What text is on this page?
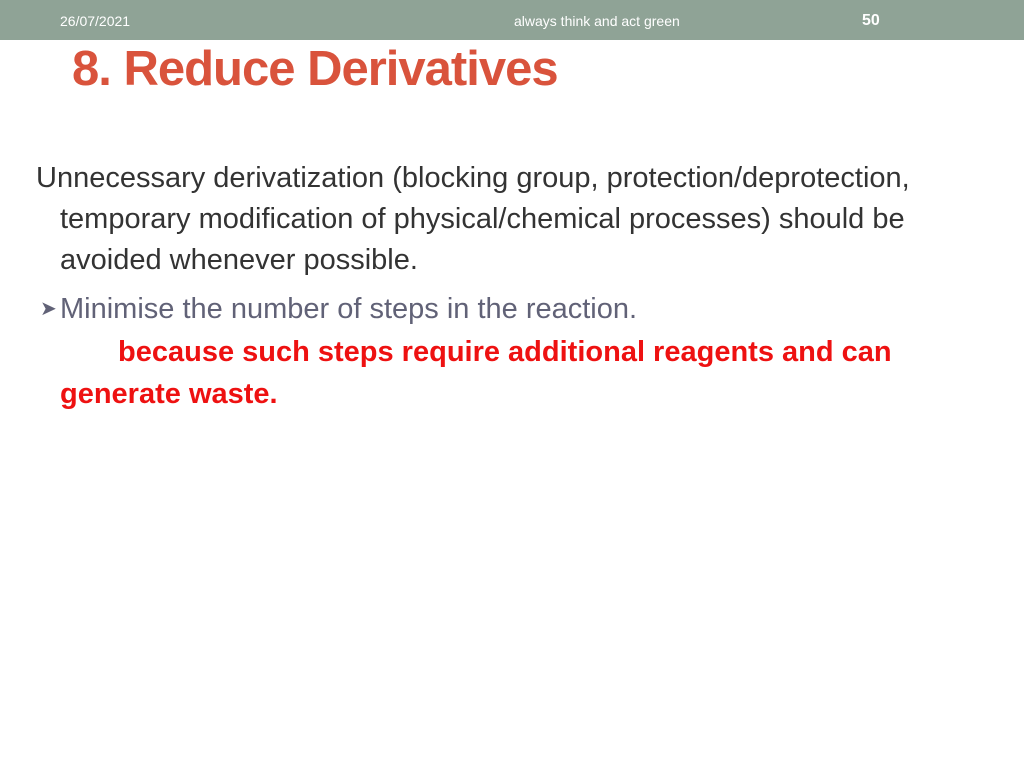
26/07/2021	always think and act green	50
8. Reduce Derivatives

Unnecessary derivatization (blocking group, protection/deprotection, temporary modification of physical/chemical processes) should be avoided whenever possible.

➤ Minimise the number of steps in the reaction.

because such steps require additional reagents and can generate waste.
